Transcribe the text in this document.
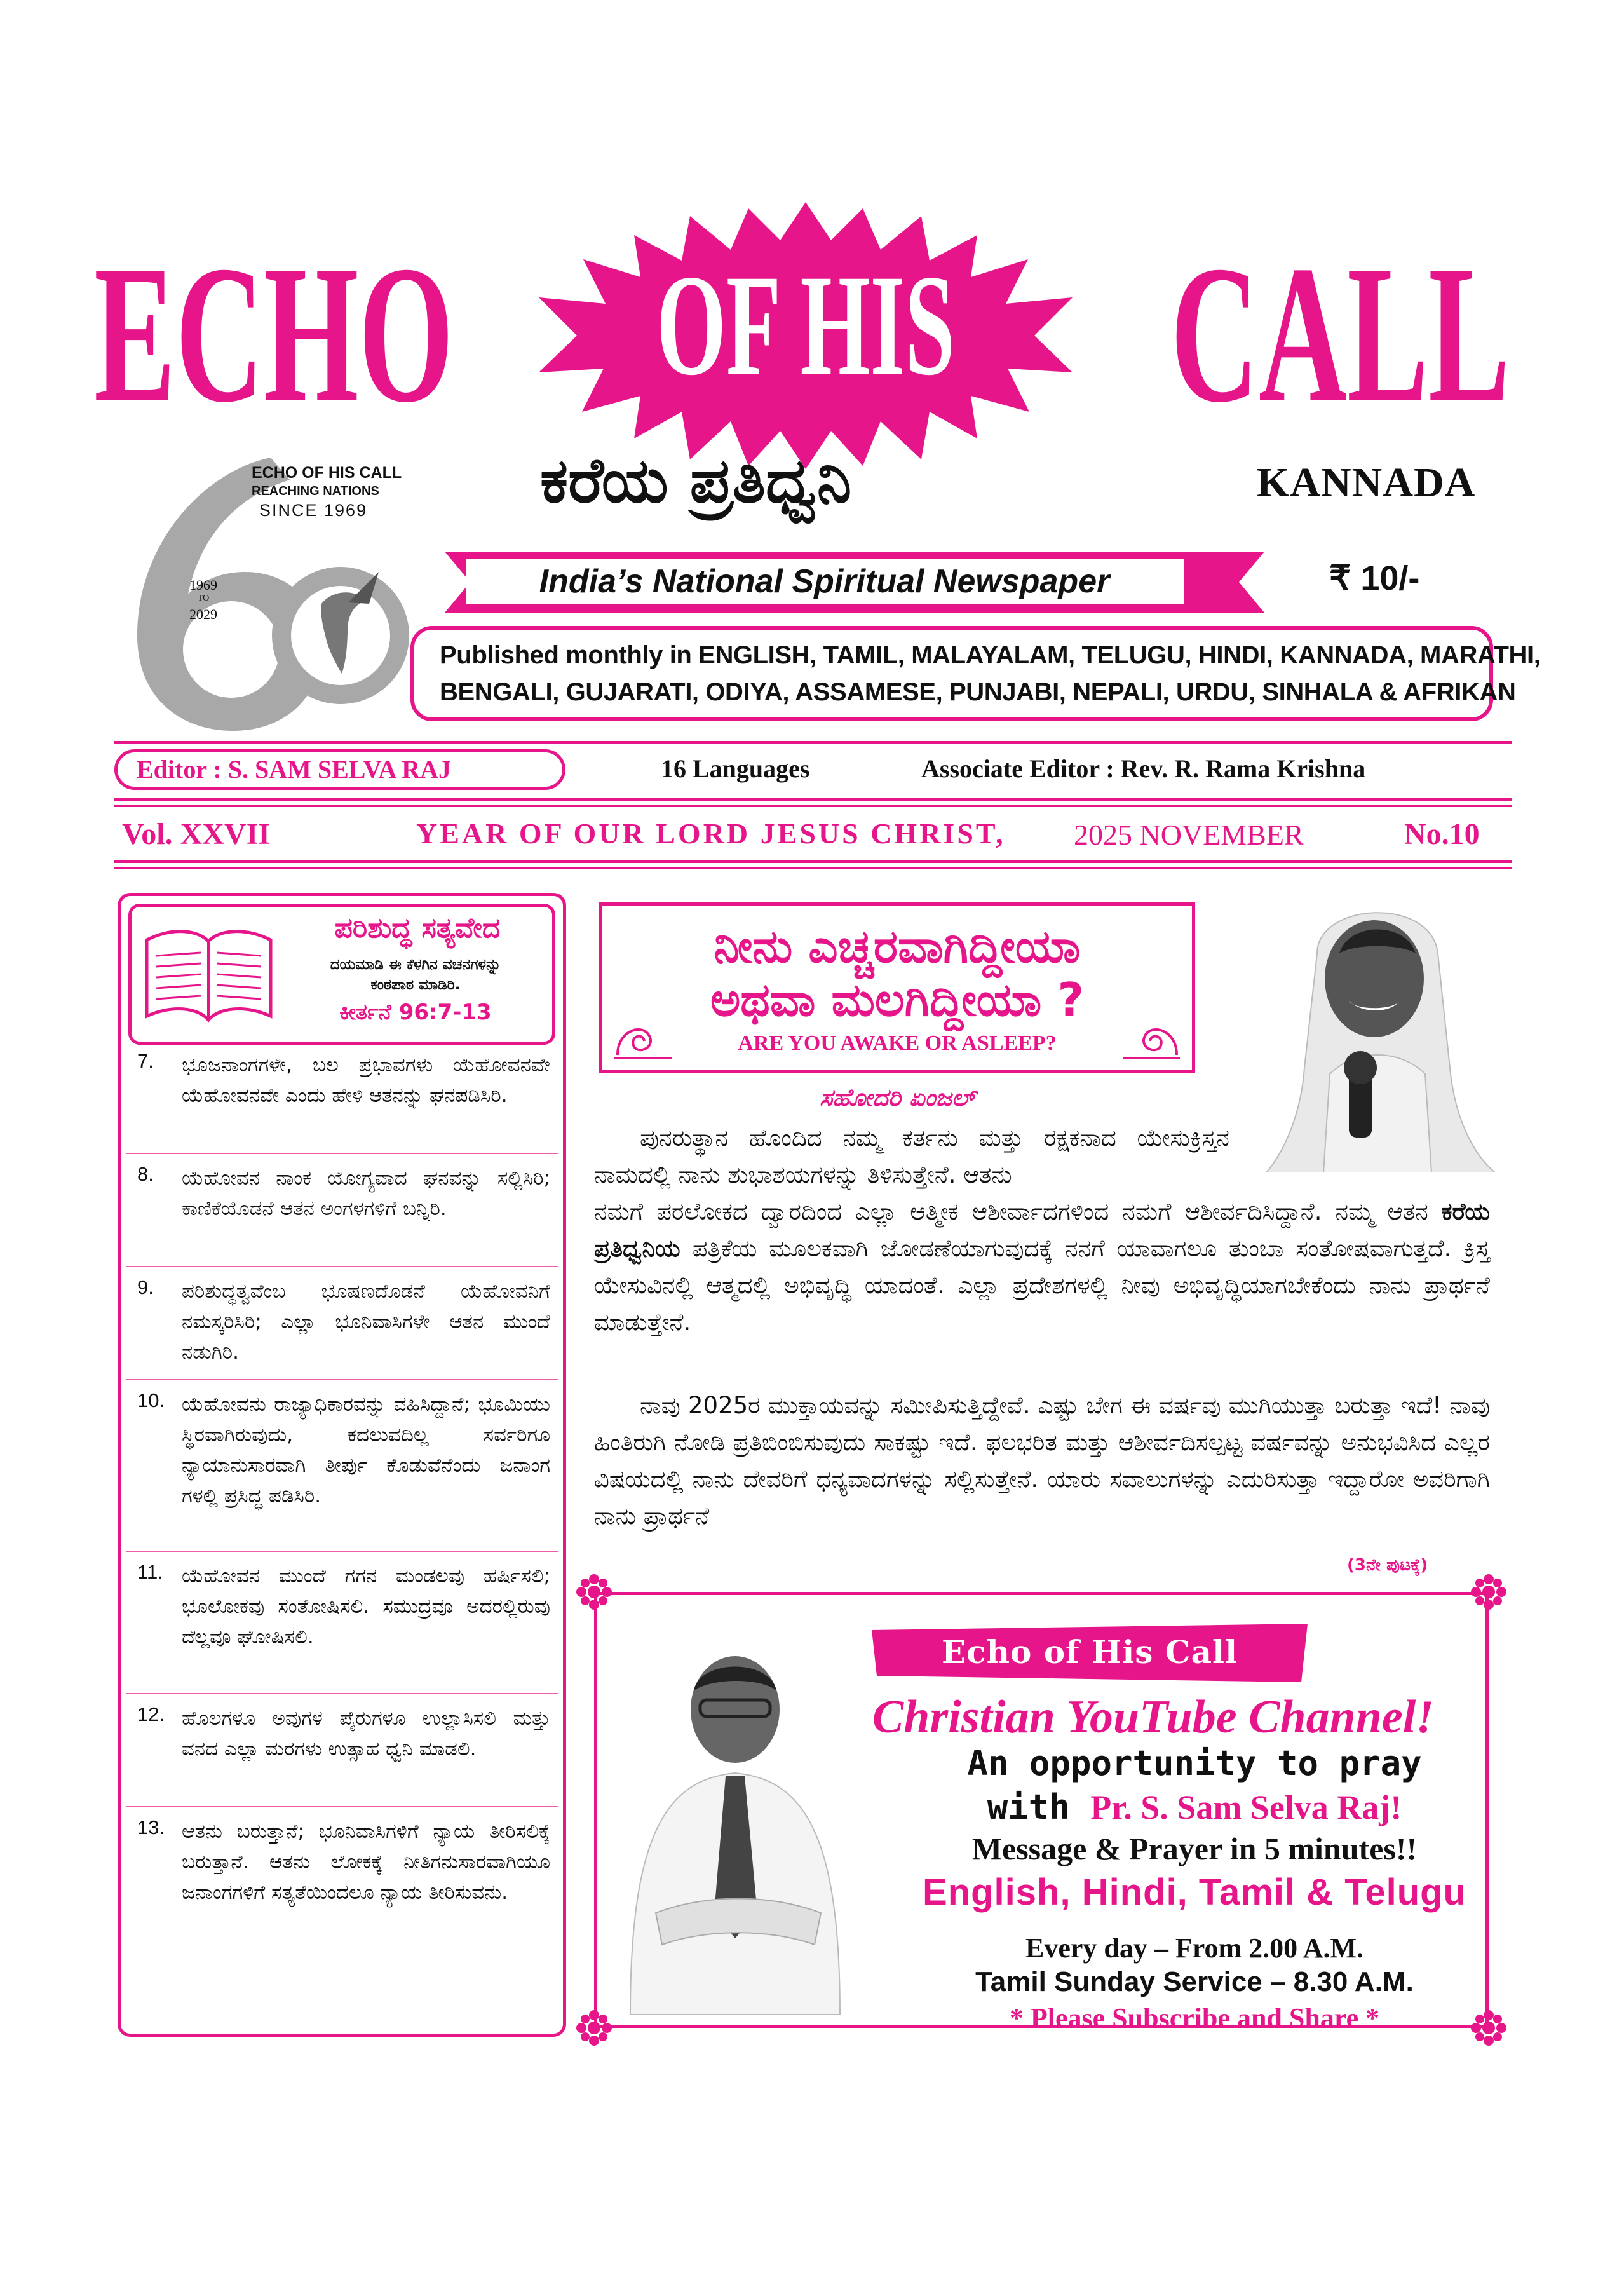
ECHO	OF HIS	CALL
ಕರೆಯ ಪ್ರತಿಧ್ವನಿ	KANNADA
ECHO OF HIS CALL
REACHING NATIONS
SINCE 1969
1969
TO
2029
India’s National Spiritual Newspaper	₹ 10/-
Published monthly in ENGLISH, TAMIL, MALAYALAM, TELUGU, HINDI, KANNADA, MARATHI,
BENGALI, GUJARATI, ODIYA, ASSAMESE, PUNJABI, NEPALI, URDU, SINHALA & AFRIKAN
Editor : S. SAM SELVA RAJ	16 Languages	Associate Editor : Rev. R. Rama Krishna
Vol. XXVII	YEAR OF OUR LORD JESUS CHRIST, 2025 NOVEMBER	No.10
ಪರಿಶುದ್ಧ ಸತ್ಯವೇದ
ದಯಮಾಡಿ ಈ ಕೆಳಗಿನ ವಚನಗಳನ್ನು
ಕಂಠಪಾಠ ಮಾಡಿರಿ.
ಕೀರ್ತನೆ 96:7-13
7. ಭೂಜನಾಂಗಗಳೇ, ಬಲ ಪ್ರಭಾವಗಳು ಯೆಹೋವನವೇ ಯೆಹೋವನವೇ ಎಂದು ಹೇಳಿ ಆತನನ್ನು ಘನಪಡಿಸಿರಿ.
8. ಯೆಹೋವನ ನಾಂಕ ಯೋಗ್ಯವಾದ ಘನವನ್ನು ಸಲ್ಲಿಸಿರಿ; ಕಾಣಿಕೆಯೊಡನೆ ಆತನ ಅಂಗಳಗಳಿಗೆ ಬನ್ನಿರಿ.
9. ಪರಿಶುದ್ಧತ್ವವೆಂಬ ಭೂಷಣದೊಡನೆ ಯೆಹೋವನಿಗೆ ನಮಸ್ಕರಿಸಿರಿ; ಎಲ್ಲಾ ಭೂನಿವಾಸಿಗಳೇ ಆತನ ಮುಂದೆ ನಡುಗಿರಿ.
10. ಯೆಹೋವನು ರಾಜ್ಯಾಧಿಕಾರವನ್ನು ವಹಿಸಿದ್ದಾನೆ; ಭೂಮಿಯು ಸ್ಥಿರವಾಗಿರುವುದು, ಕದಲುವದಿಲ್ಲ ಸರ್ವರಿಗೂ ನ್ಯಾಯಾನುಸಾರವಾಗಿ ತೀರ್ಪು ಕೊಡುವೆನೆಂದು ಜನಾಂಗ ಗಳಲ್ಲಿ ಪ್ರಸಿದ್ಧ ಪಡಿಸಿರಿ.
11. ಯೆಹೋವನ ಮುಂದೆ ಗಗನ ಮಂಡಲವು ಹರ್ಷಿಸಲಿ; ಭೂಲೋಕವು ಸಂತೋಷಿಸಲಿ. ಸಮುದ್ರವೂ ಅದರಲ್ಲಿರುವು ದೆಲ್ಲವೂ ಘೋಷಿಸಲಿ.
12. ಹೊಲಗಳೂ ಅವುಗಳ ಪೈರುಗಳೂ ಉಲ್ಲಾಸಿಸಲಿ ಮತ್ತು ವನದ ಎಲ್ಲಾ ಮರಗಳು ಉತ್ಸಾಹ ಧ್ವನಿ ಮಾಡಲಿ.
13. ಆತನು ಬರುತ್ತಾನೆ; ಭೂನಿವಾಸಿಗಳಿಗೆ ನ್ಯಾಯ ತೀರಿಸಲಿಕ್ಕೆ ಬರುತ್ತಾನೆ. ಆತನು ಲೋಕಕ್ಕೆ ನೀತಿಗನುಸಾರವಾಗಿಯೂ ಜನಾಂಗಗಳಿಗೆ ಸತ್ಯತೆಯಿಂದಲೂ ನ್ಯಾಯ ತೀರಿಸುವನು.
ನೀನು ಎಚ್ಚರವಾಗಿದ್ದೀಯಾ
ಅಥವಾ ಮಲಗಿದ್ದೀಯಾ ?
ARE YOU AWAKE OR ASLEEP?
ಸಹೋದರಿ ಏಂಜಲ್
ಪುನರುತ್ಥಾನ ಹೊಂದಿದ ನಮ್ಮ ಕರ್ತನು ಮತ್ತು ರಕ್ಷಕನಾದ ಯೇಸುಕ್ರಿಸ್ತನ ನಾಮದಲ್ಲಿ ನಾನು ಶುಭಾಶಯಗಳನ್ನು ತಿಳಿಸುತ್ತೇನೆ. ಆತನು
ನಮಗೆ ಪರಲೋಕದ ದ್ವಾರದಿಂದ ಎಲ್ಲಾ ಆತ್ಮೀಕ ಆಶೀರ್ವಾದಗಳಿಂದ ನಮಗೆ ಆಶೀರ್ವದಿಸಿದ್ದಾನೆ. ನಮ್ಮ ಆತನ ಕರೆಯ ಪ್ರತಿಧ್ವನಿಯ ಪತ್ರಿಕೆಯ ಮೂಲಕವಾಗಿ ಜೋಡಣೆಯಾಗುವುದಕ್ಕೆ ನನಗೆ ಯಾವಾಗಲೂ ತುಂಬಾ ಸಂತೋಷವಾಗುತ್ತದೆ. ಕ್ರಿಸ್ತ ಯೇಸುವಿನಲ್ಲಿ ಆತ್ಮದಲ್ಲಿ ಅಭಿವೃದ್ಧಿ ಯಾದಂತೆ. ಎಲ್ಲಾ ಪ್ರದೇಶಗಳಲ್ಲಿ ನೀವು ಅಭಿವೃದ್ಧಿಯಾಗಬೇಕೆಂದು ನಾನು ಪ್ರಾರ್ಥನೆ ಮಾಡುತ್ತೇನೆ.
ನಾವು 2025ರ ಮುಕ್ತಾಯವನ್ನು ಸಮೀಪಿಸುತ್ತಿದ್ದೇವೆ. ಎಷ್ಟು ಬೇಗ ಈ ವರ್ಷವು ಮುಗಿಯುತ್ತಾ ಬರುತ್ತಾ ಇದೆ! ನಾವು ಹಿಂತಿರುಗಿ ನೋಡಿ ಪ್ರತಿಬಿಂಬಿಸುವುದು ಸಾಕಷ್ಟು ಇದೆ. ಫಲಭರಿತ ಮತ್ತು ಆಶೀರ್ವದಿಸಲ್ಪಟ್ಟ ವರ್ಷವನ್ನು ಅನುಭವಿಸಿದ ಎಲ್ಲರ ವಿಷಯದಲ್ಲಿ ನಾನು ದೇವರಿಗೆ ಧನ್ಯವಾದಗಳನ್ನು ಸಲ್ಲಿಸುತ್ತೇನೆ. ಯಾರು ಸವಾಲುಗಳನ್ನು ಎದುರಿಸುತ್ತಾ ಇದ್ದಾರೋ ಅವರಿಗಾಗಿ ನಾನು ಪ್ರಾರ್ಥನೆ
(3ನೇ ಪುಟಕ್ಕೆ)
Echo of His Call
Christian YouTube Channel!
An opportunity to pray
with Pr. S. Sam Selva Raj!
Message & Prayer in 5 minutes!!
English, Hindi, Tamil & Telugu
Every day – From 2.00 A.M.
Tamil Sunday Service – 8.30 A.M.
* Please Subscribe and Share *
